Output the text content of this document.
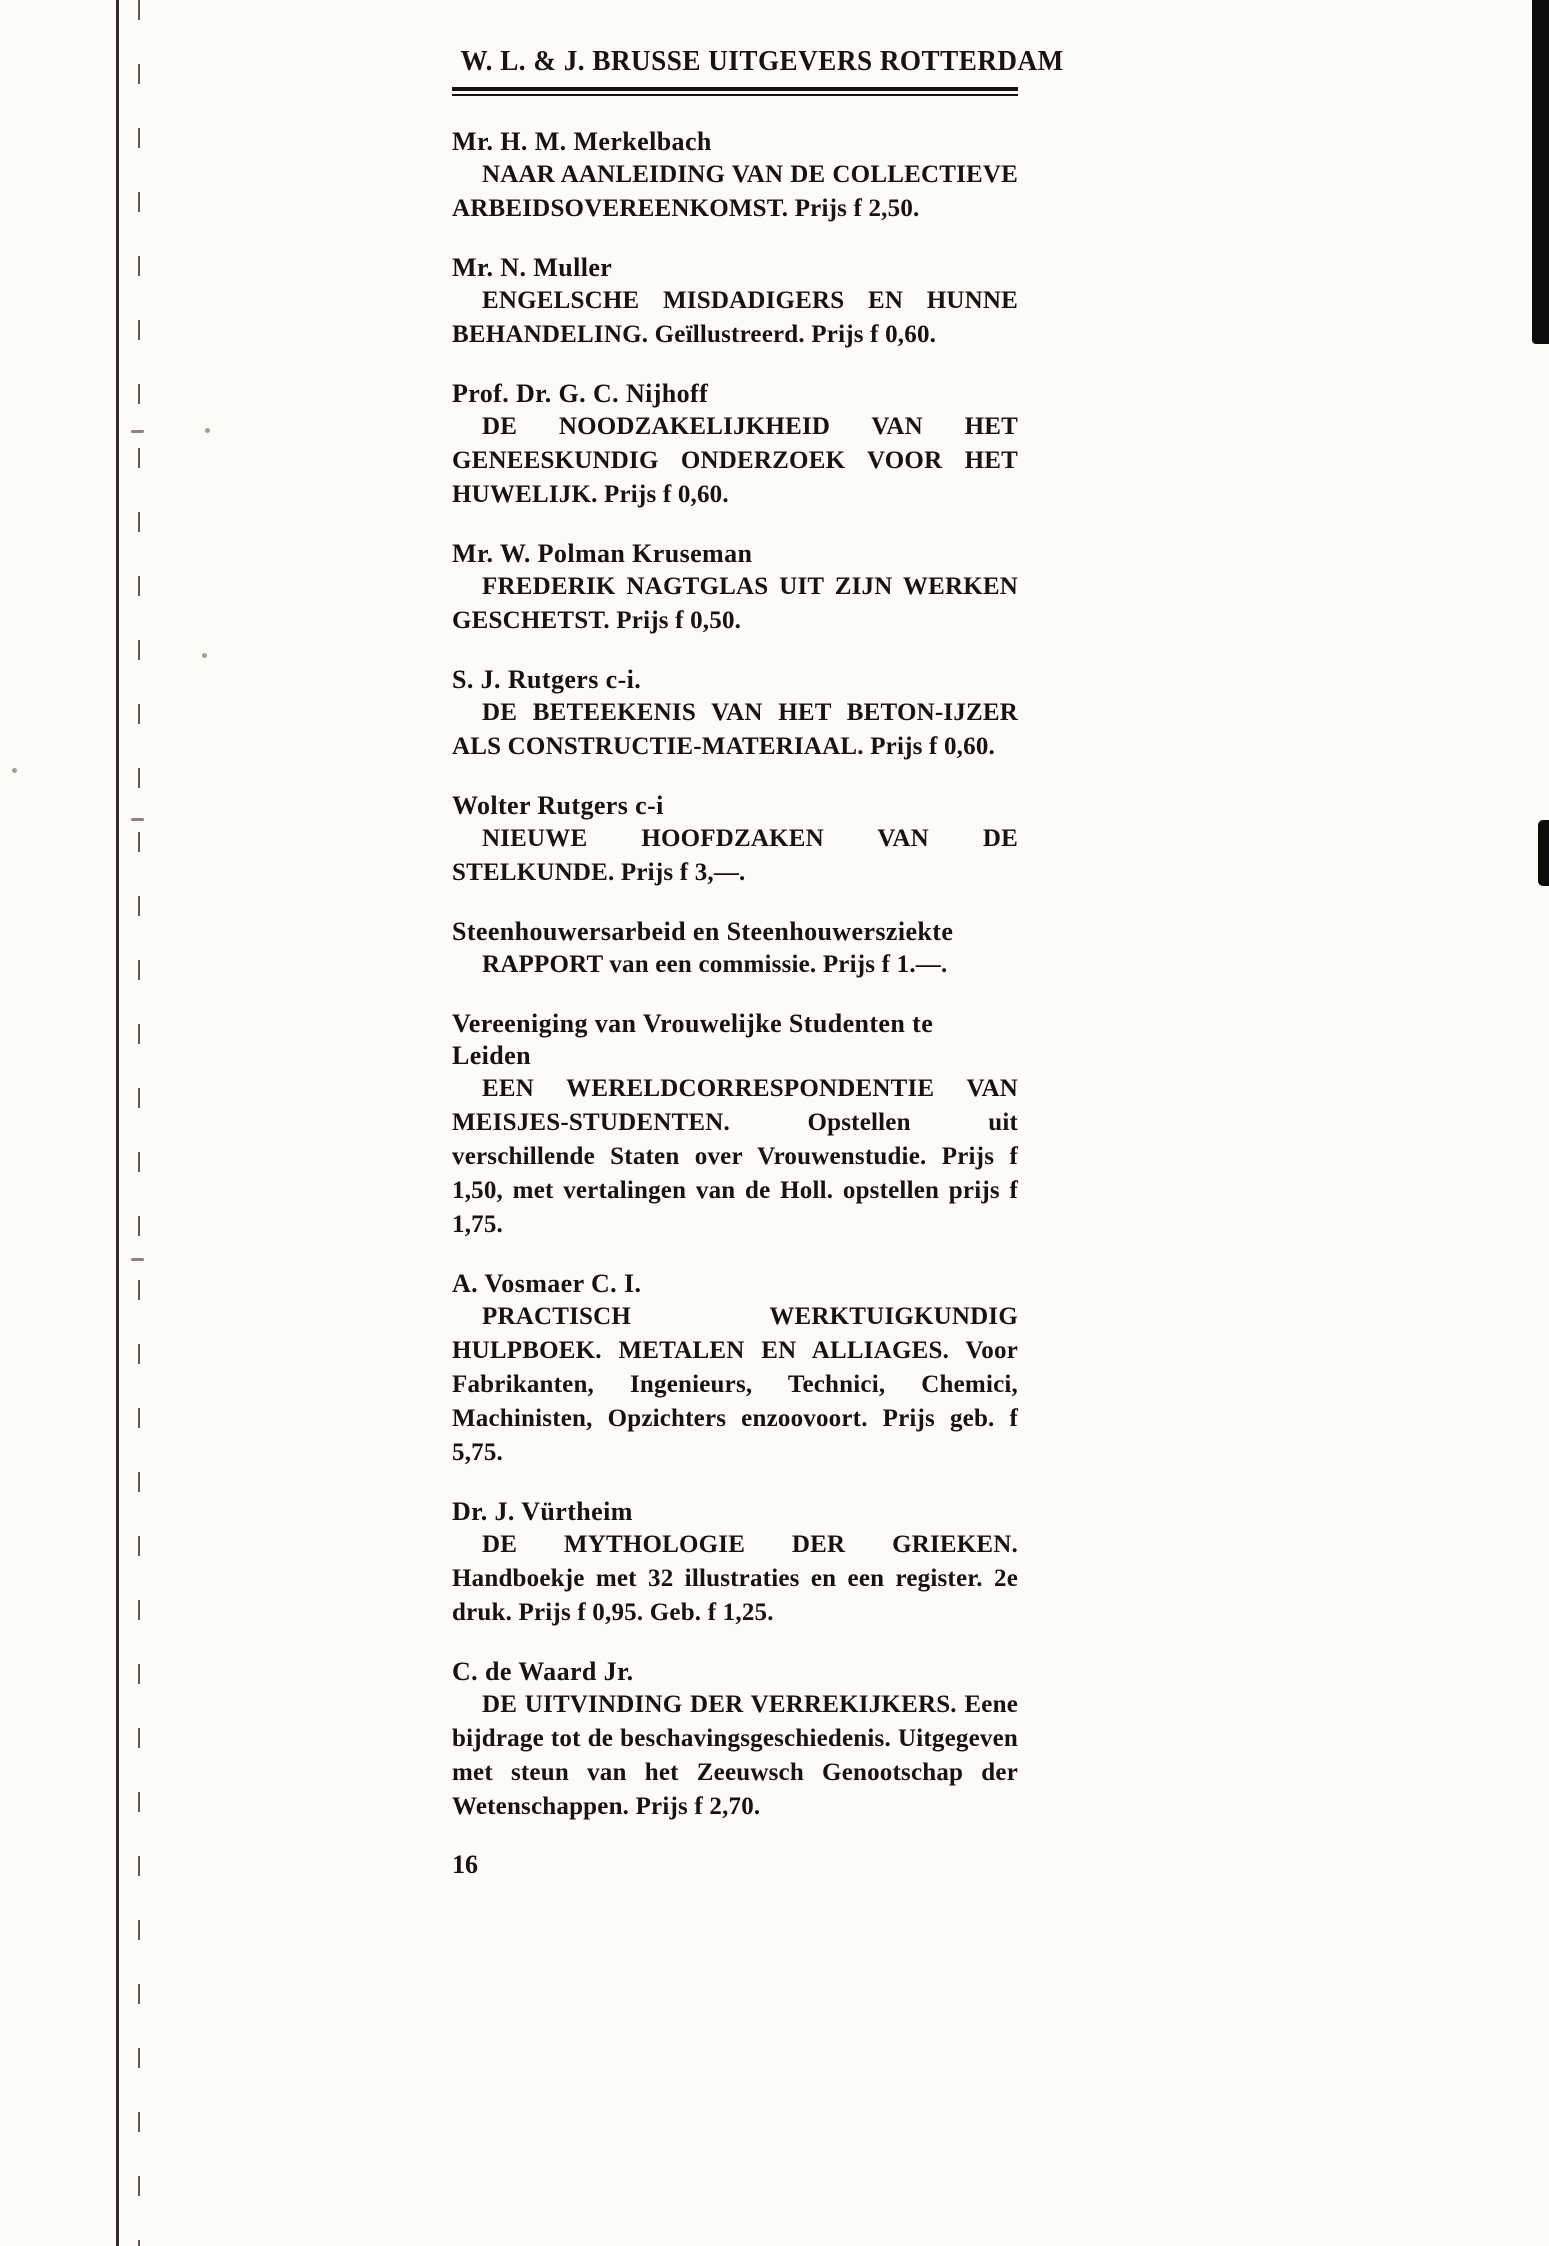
W. L. & J. BRUSSE UITGEVERS ROTTERDAM
Mr. H. M. Merkelbach

NAAR AANLEIDING VAN DE COLLECTIEVE ARBEIDSOVEREENKOMST. Prijs f 2,50.

Mr. N. Muller

ENGELSCHE MISDADIGERS EN HUNNE BEHANDELING. Geïllustreerd. Prijs f 0,60.

Prof. Dr. G. C. Nijhoff

DE NOODZAKELIJKHEID VAN HET GENEESKUNDIG ONDERZOEK VOOR HET HUWELIJK. Prijs f 0,60.

Mr. W. Polman Kruseman

FREDERIK NAGTGLAS UIT ZIJN WERKEN GESCHETST. Prijs f 0,50.

S. J. Rutgers c-i.

DE BETEEKENIS VAN HET BETON-IJZER ALS CONSTRUCTIE-MATERIAAL. Prijs f 0,60.

Wolter Rutgers c-i

NIEUWE HOOFDZAKEN VAN DE STELKUNDE. Prijs f 3,—.

Steenhouwersarbeid en Steenhouwersziekte

RAPPORT van een commissie. Prijs f 1.—.

Vereeniging van Vrouwelijke Studenten te Leiden

EEN WERELDCORRESPONDENTIE VAN MEISJES-STUDENTEN. Opstellen uit verschillende Staten over Vrouwenstudie. Prijs f 1,50, met vertalingen van de Holl. opstellen prijs f 1,75.

A. Vosmaer C. I.

PRACTISCH WERKTUIGKUNDIG HULPBOEK. METALEN EN ALLIAGES. Voor Fabrikanten, Ingenieurs, Technici, Chemici, Machinisten, Opzichters enzoovoort. Prijs geb. f 5,75.

Dr. J. Vürtheim

DE MYTHOLOGIE DER GRIEKEN. Handboekje met 32 illustraties en een register. 2e druk. Prijs f 0,95. Geb. f 1,25.

C. de Waard Jr.

DE UITVINDING DER VERREKIJKERS. Eene bijdrage tot de beschavingsgeschiedenis. Uitgegeven met steun van het Zeeuwsch Genootschap der Wetenschappen. Prijs f 2,70.

16
